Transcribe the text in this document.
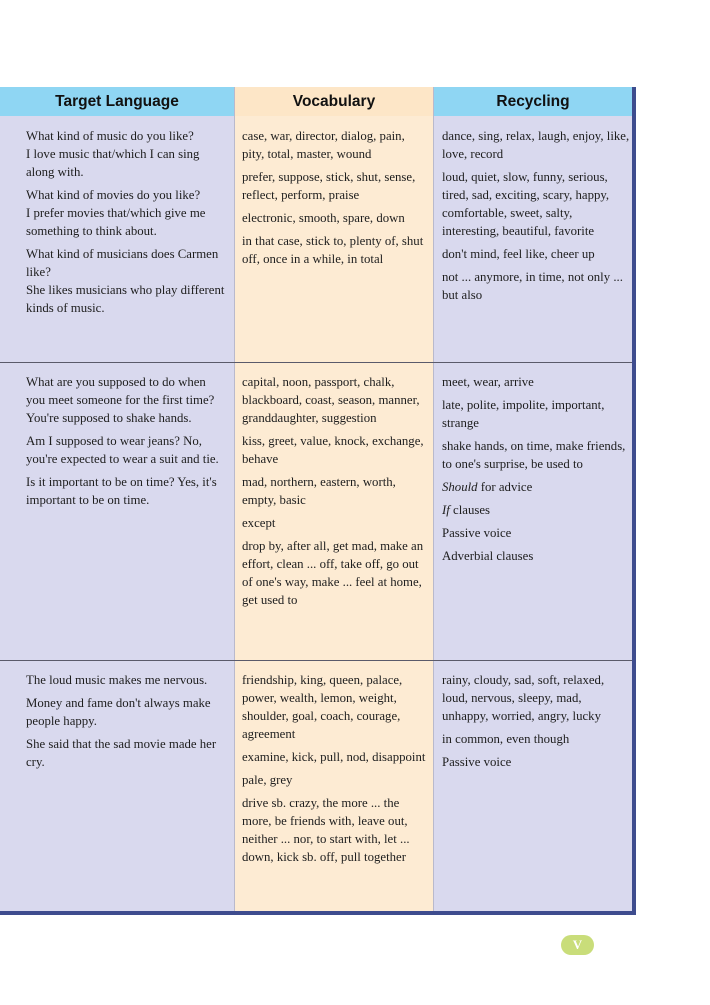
Target Language	Vocabulary	Recycling

What kind of music do you like?

I love music that/which I can sing along with.

What kind of movies do you like?

I prefer movies that/which give me something to think about.

What kind of musicians does Carmen like?

She likes musicians who play different kinds of music.

case, war, director, dialog, pain, pity, total, master, wound

prefer, suppose, stick, shut, sense, reflect, perform, praise

electronic, smooth, spare, down

in that case, stick to, plenty of, shut off, once in a while, in total

dance, sing, relax, laugh, enjoy, like, love, record

loud, quiet, slow, funny, serious, tired, sad, exciting, scary, happy, comfortable, sweet, salty, interesting, beautiful, favorite

don't mind, feel like, cheer up

not ... anymore, in time, not only ... but also

What are you supposed to do when you meet someone for the first time? You're supposed to shake hands.

Am I supposed to wear jeans? No, you're expected to wear a suit and tie.

Is it important to be on time? Yes, it's important to be on time.

capital, noon, passport, chalk, blackboard, coast, season, manner, granddaughter, suggestion

kiss, greet, value, knock, exchange, behave

mad, northern, eastern, worth, empty, basic

except

drop by, after all, get mad, make an effort, clean ... off, take off, go out of one's way, make ... feel at home, get used to

meet, wear, arrive

late, polite, impolite, important, strange

shake hands, on time, make friends, to one's surprise, be used to

Should for advice

If clauses

Passive voice

Adverbial clauses

The loud music makes me nervous.

Money and fame don't always make people happy.

She said that the sad movie made her cry.

friendship, king, queen, palace, power, wealth, lemon, weight, shoulder, goal, coach, courage, agreement

examine, kick, pull, nod, disappoint

pale, grey

drive sb. crazy, the more ... the more, be friends with, leave out, neither ... nor, to start with, let ... down, kick sb. off, pull together

rainy, cloudy, sad, soft, relaxed, loud, nervous, sleepy, mad, unhappy, worried, angry, lucky

in common, even though

Passive voice

V
